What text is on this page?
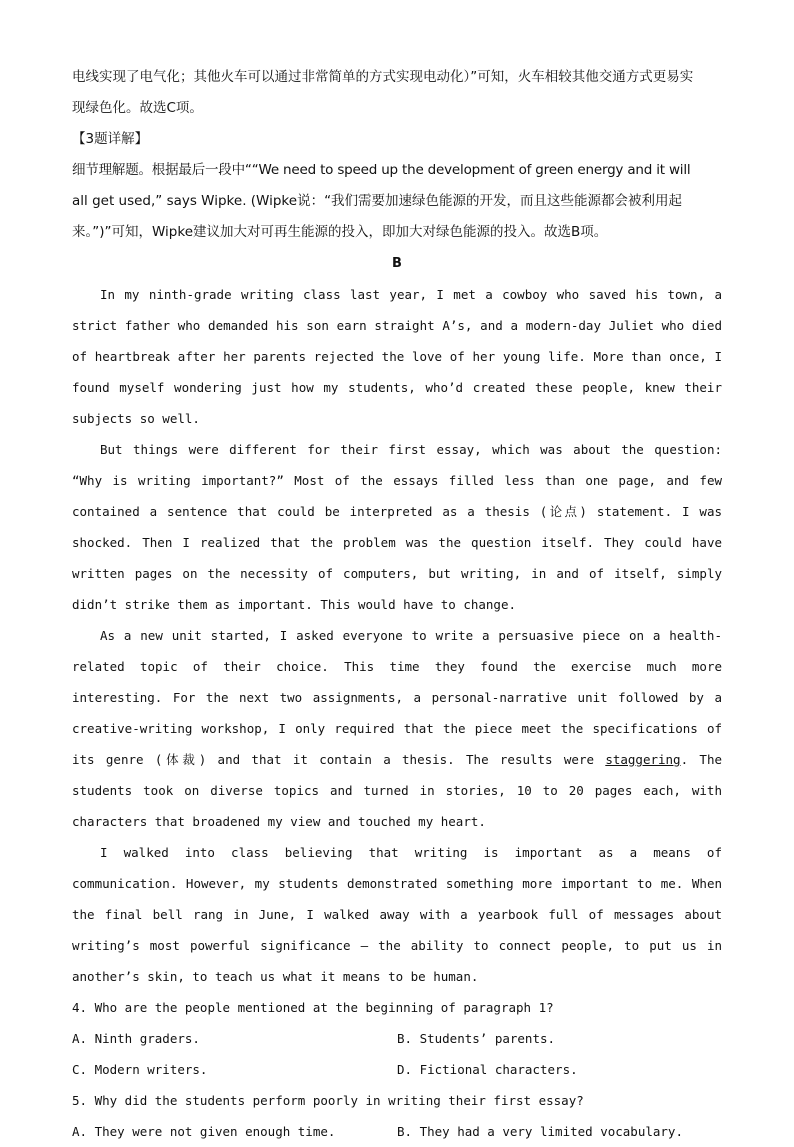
电线实现了电气化；其他火车可以通过非常简单的方式实现电动化）”可知，火车相较其他交通方式更易实

现绿色化。故选C项。

【3题详解】

细节理解题。根据最后一段中““We need to speed up the development of green energy and it will

all get used,” says Wipke. (Wipke说：“我们需要加速绿色能源的开发，而且这些能源都会被利用起

来。”)”可知，Wipke建议加大对可再生能源的投入，即加大对绿色能源的投入。故选B项。

B

In my ninth-grade writing class last year, I met a cowboy who saved his town, a strict father who demanded his son earn straight A’s, and a modern-day Juliet who died of heartbreak after her parents rejected the love of her young life. More than once, I found myself wondering just how my students, who’d created these people, knew their subjects so well.

But things were different for their first essay, which was about the question: “Why is writing important?” Most of the essays filled less than one page, and few contained a sentence that could be interpreted as a thesis (论点) statement. I was shocked. Then I realized that the problem was the question itself. They could have written pages on the necessity of computers, but writing, in and of itself, simply didn’t strike them as important. This would have to change.

As a new unit started, I asked everyone to write a persuasive piece on a health-related topic of their choice. This time they found the exercise much more interesting. For the next two assignments, a personal-narrative unit followed by a creative-writing workshop, I only required that the piece meet the specifications of its genre (体裁) and that it contain a thesis. The results were staggering. The students took on diverse topics and turned in stories, 10 to 20 pages each, with characters that broadened my view and touched my heart.

I walked into class believing that writing is important as a means of communication. However, my students demonstrated something more important to me. When the final bell rang in June, I walked away with a yearbook full of messages about writing’s most powerful significance — the ability to connect people, to put us in another’s skin, to teach us what it means to be human.

4. Who are the people mentioned at the beginning of paragraph 1?

A. Ninth graders.	B. Students’ parents.
C. Modern writers.	D. Fictional characters.

5. Why did the students perform poorly in writing their first essay?

A. They were not given enough time.	B. They had a very limited vocabulary.
